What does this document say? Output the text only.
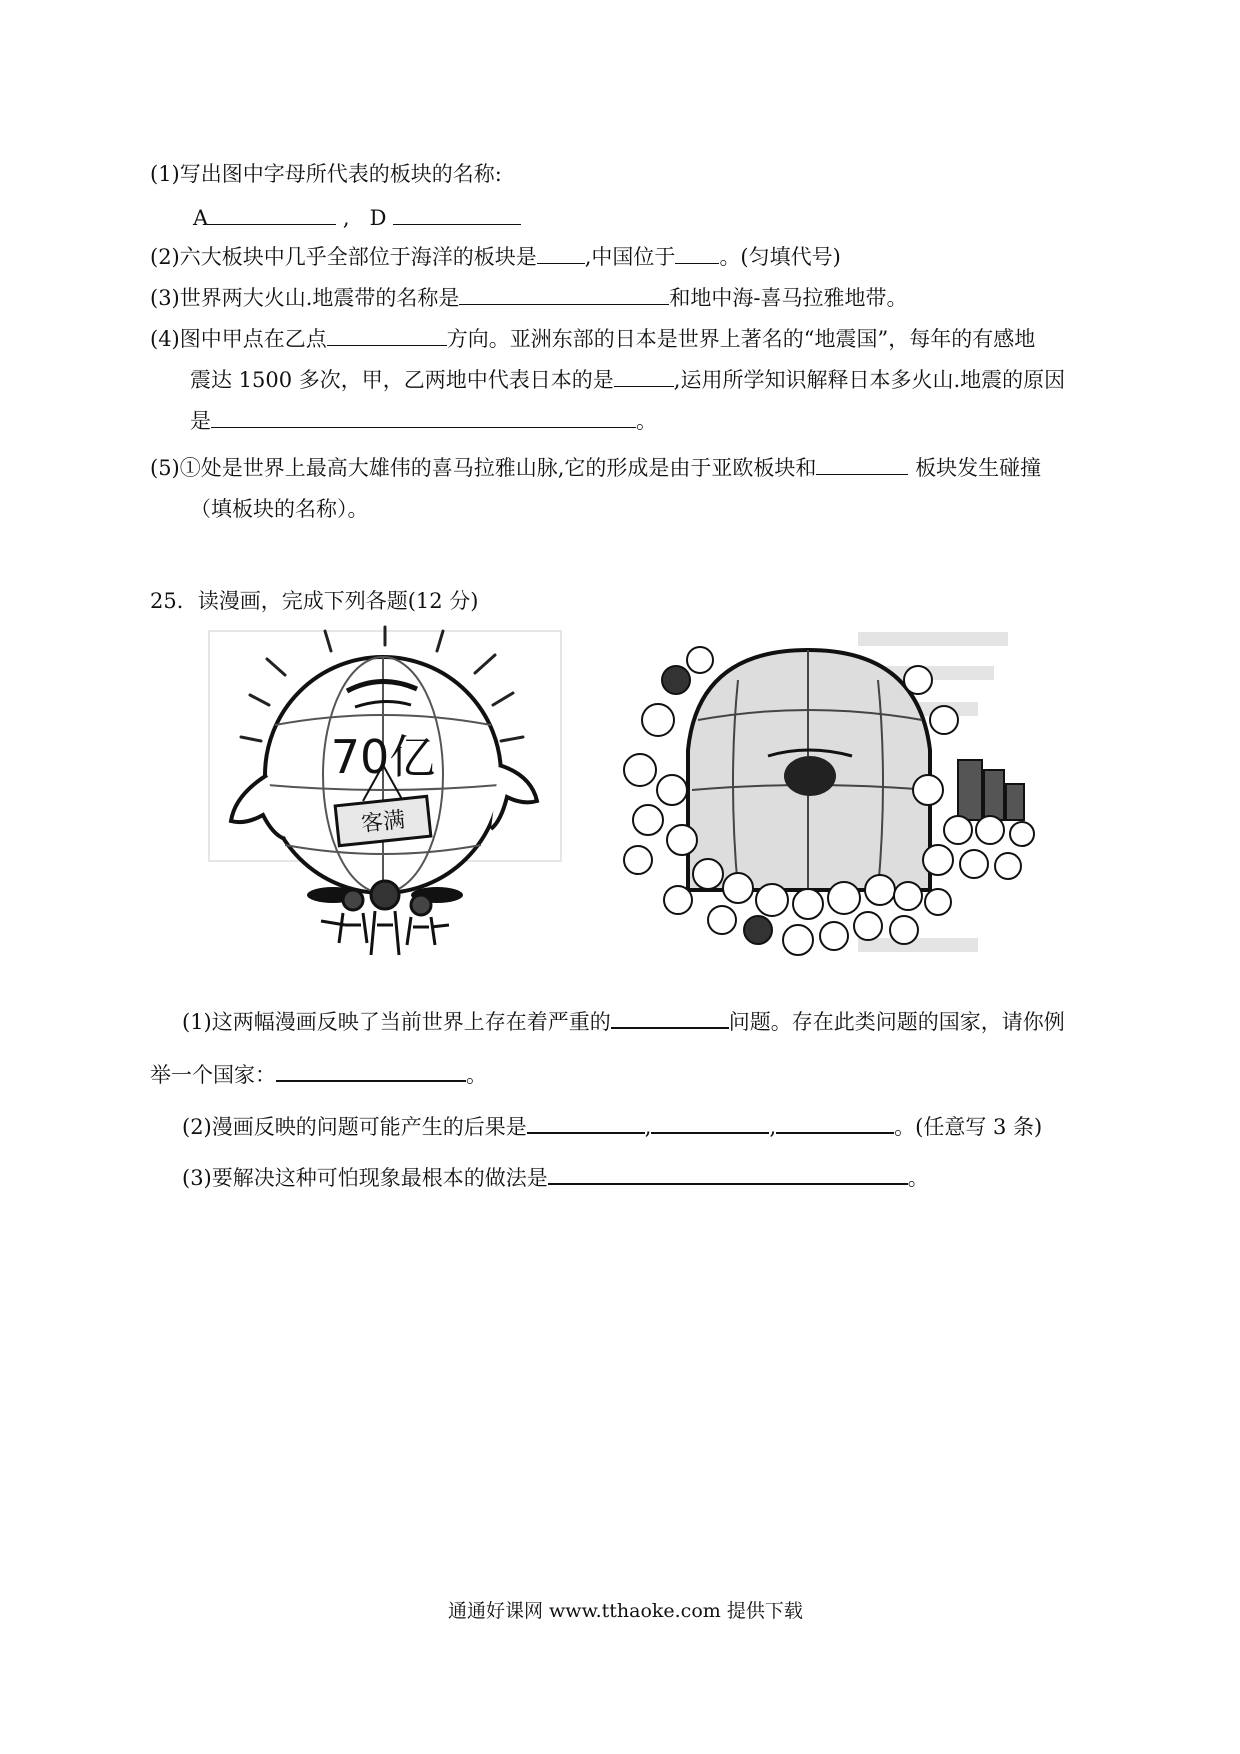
(1)写出图中字母所代表的板块的名称:
A	, D
(2)六大板块中几乎全部位于海洋的板块是 ,中国位于 。(匀填代号)
(3)世界两大火山.地震带的名称是	和地中海-喜马拉雅地带。
(4)图中甲点在乙点	方向。亚洲东部的日本是世界上著名的“地震国”，每年的有感地
震达 1500 多次，甲，乙两地中代表日本的是	,运用所学知识解释日本多火山.地震的原因
是	。
(5)①处是世界上最高大雄伟的喜马拉雅山脉,它的形成是由于亚欧板块和	板块发生碰撞
（填板块的名称）。
25．读漫画，完成下列各题(12 分)
70亿
客满
(1)这两幅漫画反映了当前世界上存在着严重的	问题。存在此类问题的国家，请你例
举一个国家：	。
(2)漫画反映的问题可能产生的后果是	,	,	。(任意写 3 条)
(3)要解决这种可怕现象最根本的做法是	。
通通好课网 www.tthaoke.com 提供下载
